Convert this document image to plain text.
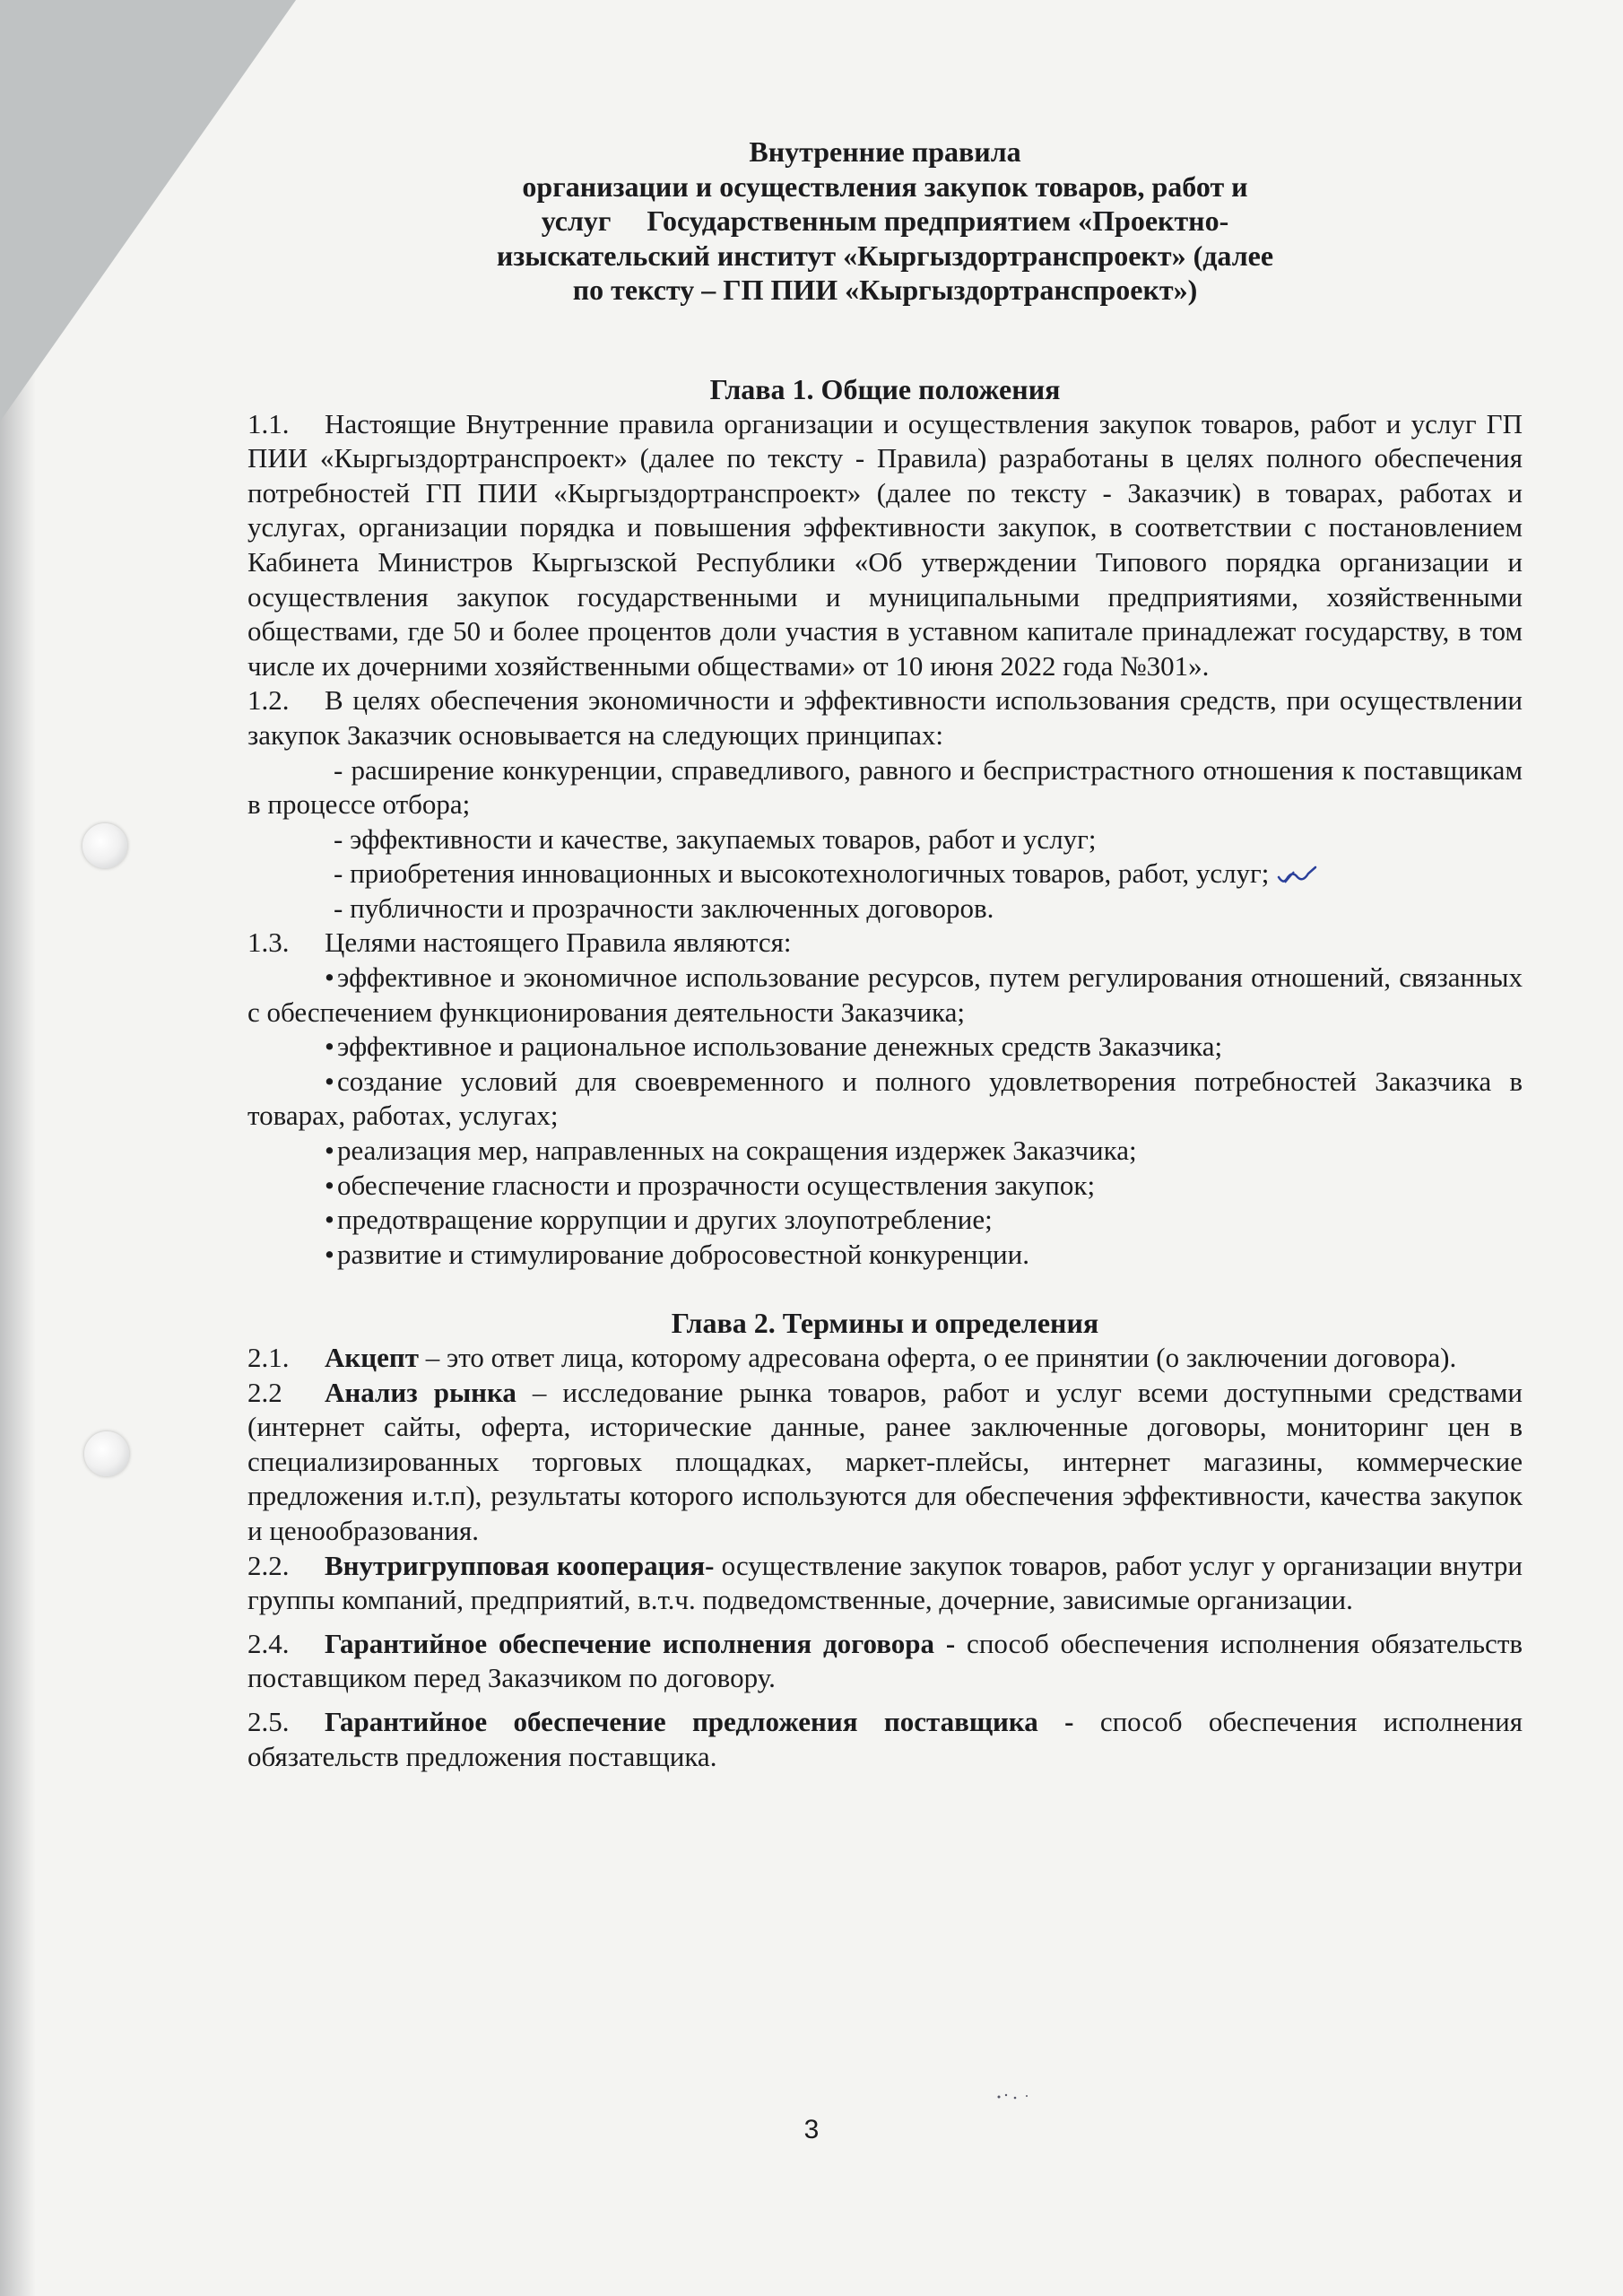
Внутренние правила
организации и осуществления закупок товаров, работ и
услуг     Государственным предприятием «Проектно-
изыскательский институт «Кыргыздортранспроект» (далее
по тексту – ГП ПИИ «Кыргыздортранспроект»)
Глава 1. Общие положения

1.1. Настоящие Внутренние правила организации и осуществления закупок товаров, работ и услуг ГП ПИИ «Кыргыздортранспроект» (далее по тексту - Правила) разработаны в целях полного обеспечения потребностей ГП ПИИ «Кыргыздортранспроект» (далее по тексту - Заказчик) в товарах, работах и услугах, организации порядка и повышения эффективности закупок, в соответствии с постановлением Кабинета Министров Кыргызской Республики «Об утверждении Типового порядка организации и осуществления закупок государственными и муниципальными предприятиями, хозяйственными обществами, где 50 и более процентов доли участия в уставном капитале принадлежат государству, в том числе их дочерними хозяйственными обществами» от 10 июня 2022 года №301».

1.2. В целях обеспечения экономичности и эффективности использования средств, при осуществлении закупок Заказчик основывается на следующих принципах:

- расширение конкуренции, справедливого, равного и беспристрастного отношения к поставщикам в процессе отбора;

- эффективности и качестве, закупаемых товаров, работ и услуг;

- приобретения инновационных и высокотехнологичных товаров, работ, услуг;

- публичности и прозрачности заключенных договоров.

1.3. Целями настоящего Правила являются:

• эффективное и экономичное использование ресурсов, путем регулирования отношений, связанных с обеспечением функционирования деятельности Заказчика;

• эффективное и рациональное использование денежных средств Заказчика;

• создание условий для своевременного и полного удовлетворения потребностей Заказчика в товарах, работах, услугах;

• реализация мер, направленных на сокращения издержек Заказчика;

• обеспечение гласности и прозрачности осуществления закупок;

• предотвращение коррупции и других злоупотребление;

• развитие и стимулирование добросовестной конкуренции.

Глава 2. Термины и определения

2.1. Акцепт – это ответ лица, которому адресована оферта, о ее принятии (о заключении договора).

2.2 Анализ рынка – исследование рынка товаров, работ и услуг всеми доступными средствами (интернет сайты, оферта, исторические данные, ранее заключенные договоры, мониторинг цен в специализированных торговых площадках, маркет-плейсы, интернет магазины, коммерческие предложения и.т.п), результаты которого используются для обеспечения эффективности, качества закупок и ценообразования.

2.2. Внутригрупповая кооперация- осуществление закупок товаров, работ услуг у организации внутри группы компаний, предприятий, в.т.ч. подведомственные, дочерние, зависимые организации.

2.4. Гарантийное обеспечение исполнения договора - способ обеспечения исполнения обязательств поставщиком перед Заказчиком по договору.

2.5. Гарантийное обеспечение предложения поставщика - способ обеспечения исполнения обязательств предложения поставщика.

3
